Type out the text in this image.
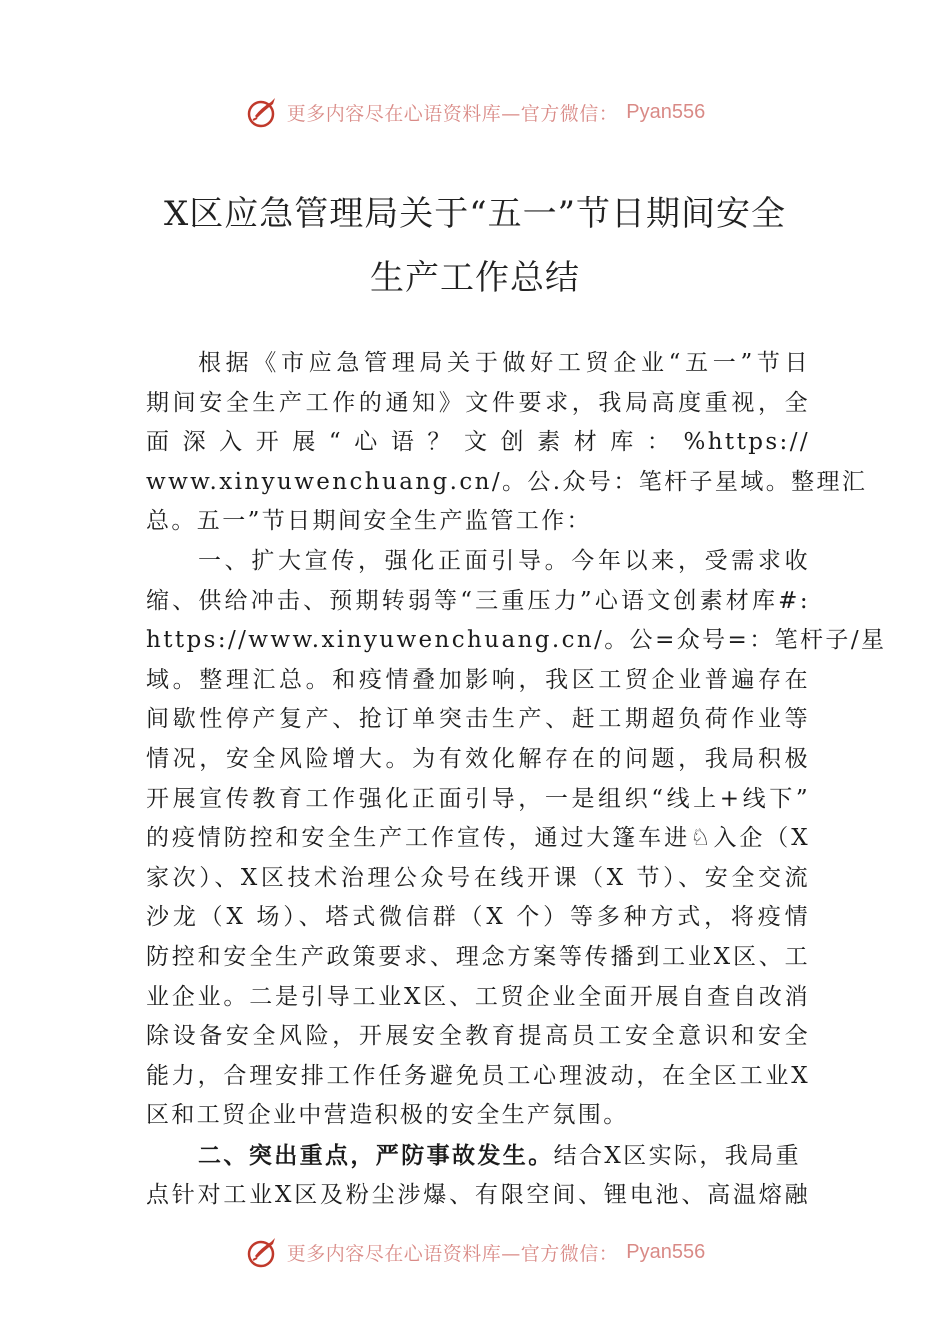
更多内容尽在心语资料库—官方微信： Pyan556
X区应急管理局关于“五一”节日期间安全
生产工作总结
根据《市应急管理局关于做好工贸企业“五一”节日
期间安全生产工作的通知》文件要求，我局高度重视，全
面深入开展“心语？文创素材库：%https://
www.xinyuwenchuang.cn/。公.众号：笔杆子星域。整理汇
总。五一”节日期间安全生产监管工作：
一、扩大宣传，强化正面引导。今年以来，受需求收
缩、供给冲击、预期转弱等“三重压力”心语文创素材库#:
https://www.xinyuwenchuang.cn/。公=众号=：笔杆子/星
域。整理汇总。和疫情叠加影响，我区工贸企业普遍存在
间歇性停产复产、抢订单突击生产、赶工期超负荷作业等
情况，安全风险增大。为有效化解存在的问题，我局积极
开展宣传教育工作强化正面引导，一是组织“线上+线下”
的疫情防控和安全生产工作宣传，通过大篷车进♘入企（X
家次）、X区技术治理公众号在线开课（X 节）、安全交流
沙龙（X 场）、塔式微信群（X 个）等多种方式，将疫情
防控和安全生产政策要求、理念方案等传播到工业X区、工
业企业。二是引导工业X区、工贸企业全面开展自查自改消
除设备安全风险，开展安全教育提高员工安全意识和安全
能力，合理安排工作任务避免员工心理波动，在全区工业X
区和工贸企业中营造积极的安全生产氛围。
二、突出重点，严防事故发生。结合X区实际，我局重
点针对工业X区及粉尘涉爆、有限空间、锂电池、高温熔融
更多内容尽在心语资料库—官方微信： Pyan556
